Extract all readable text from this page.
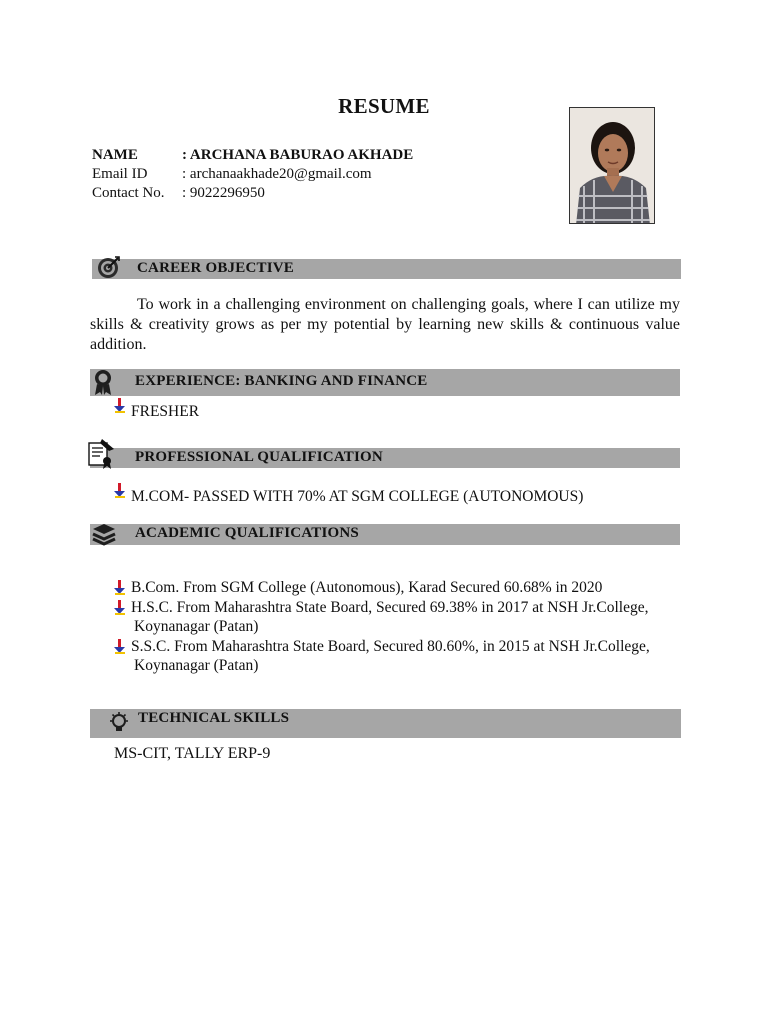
RESUME
NAME	: ARCHANA BABURAO AKHADE
Email ID : archanaakhade20@gmail.com
Contact No. : 9022296950
CAREER OBJECTIVE
To work in a challenging environment on challenging goals, where I can utilize my skills & creativity grows as per my potential by learning new skills & continuous value addition.
EXPERIENCE: BANKING AND FINANCE
FRESHER
PROFESSIONAL QUALIFICATION
M.COM- PASSED WITH 70% AT SGM COLLEGE (AUTONOMOUS)
ACADEMIC QUALIFICATIONS
B.Com. From SGM College (Autonomous), Karad Secured 60.68% in 2020
H.S.C. From Maharashtra State Board, Secured 69.38% in 2017 at NSH Jr.College,
Koynanagar (Patan)
S.S.C. From Maharashtra State Board, Secured 80.60%, in 2015 at NSH Jr.College,
Koynanagar (Patan)
TECHNICAL SKILLS
MS-CIT, TALLY ERP-9
